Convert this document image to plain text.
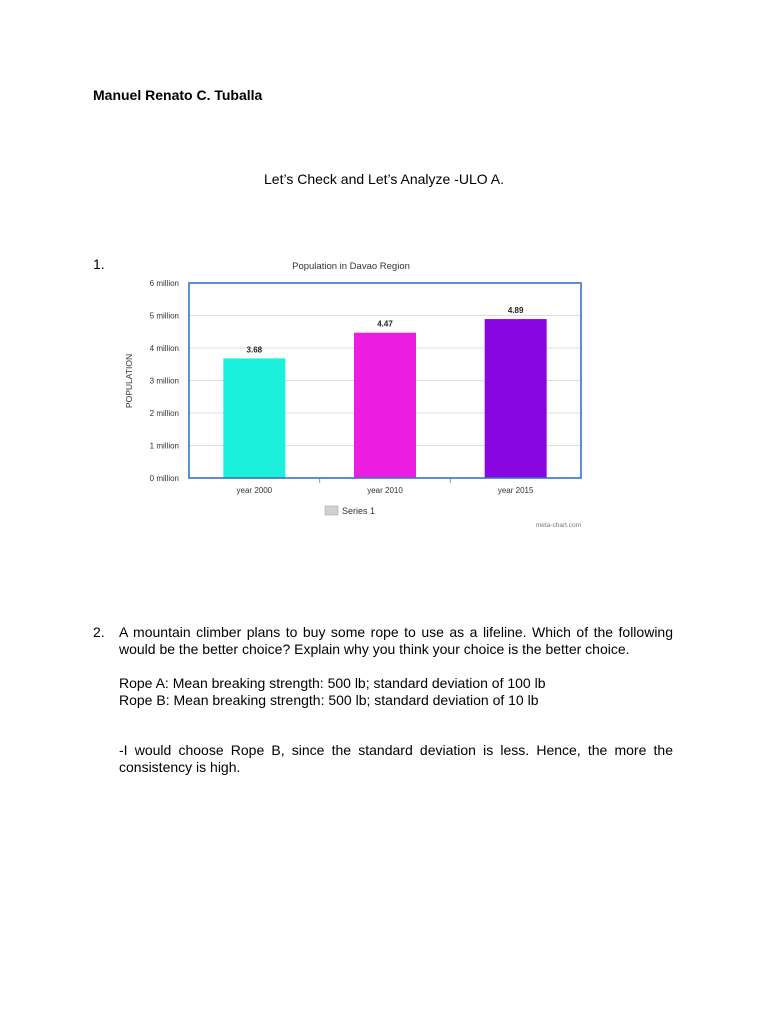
Manuel Renato C. Tuballa
Let’s Check and Let’s Analyze -ULO A.
1.	Population in Davao Region
POPULATION
0 million
1 million
2 million
3 million
4 million
5 million
6 million
3.68
4.47
4.89
year 2000	year 2010	year 2015
Series 1
meta-chart.com
2. A mountain climber plans to buy some rope to use as a lifeline. Which of the following would be the better choice? Explain why you think your choice is the better choice.

Rope A: Mean breaking strength: 500 lb; standard deviation of 100 lb

Rope B: Mean breaking strength: 500 lb; standard deviation of 10 lb

-I would choose Rope B, since the standard deviation is less. Hence, the more the consistency is high.
